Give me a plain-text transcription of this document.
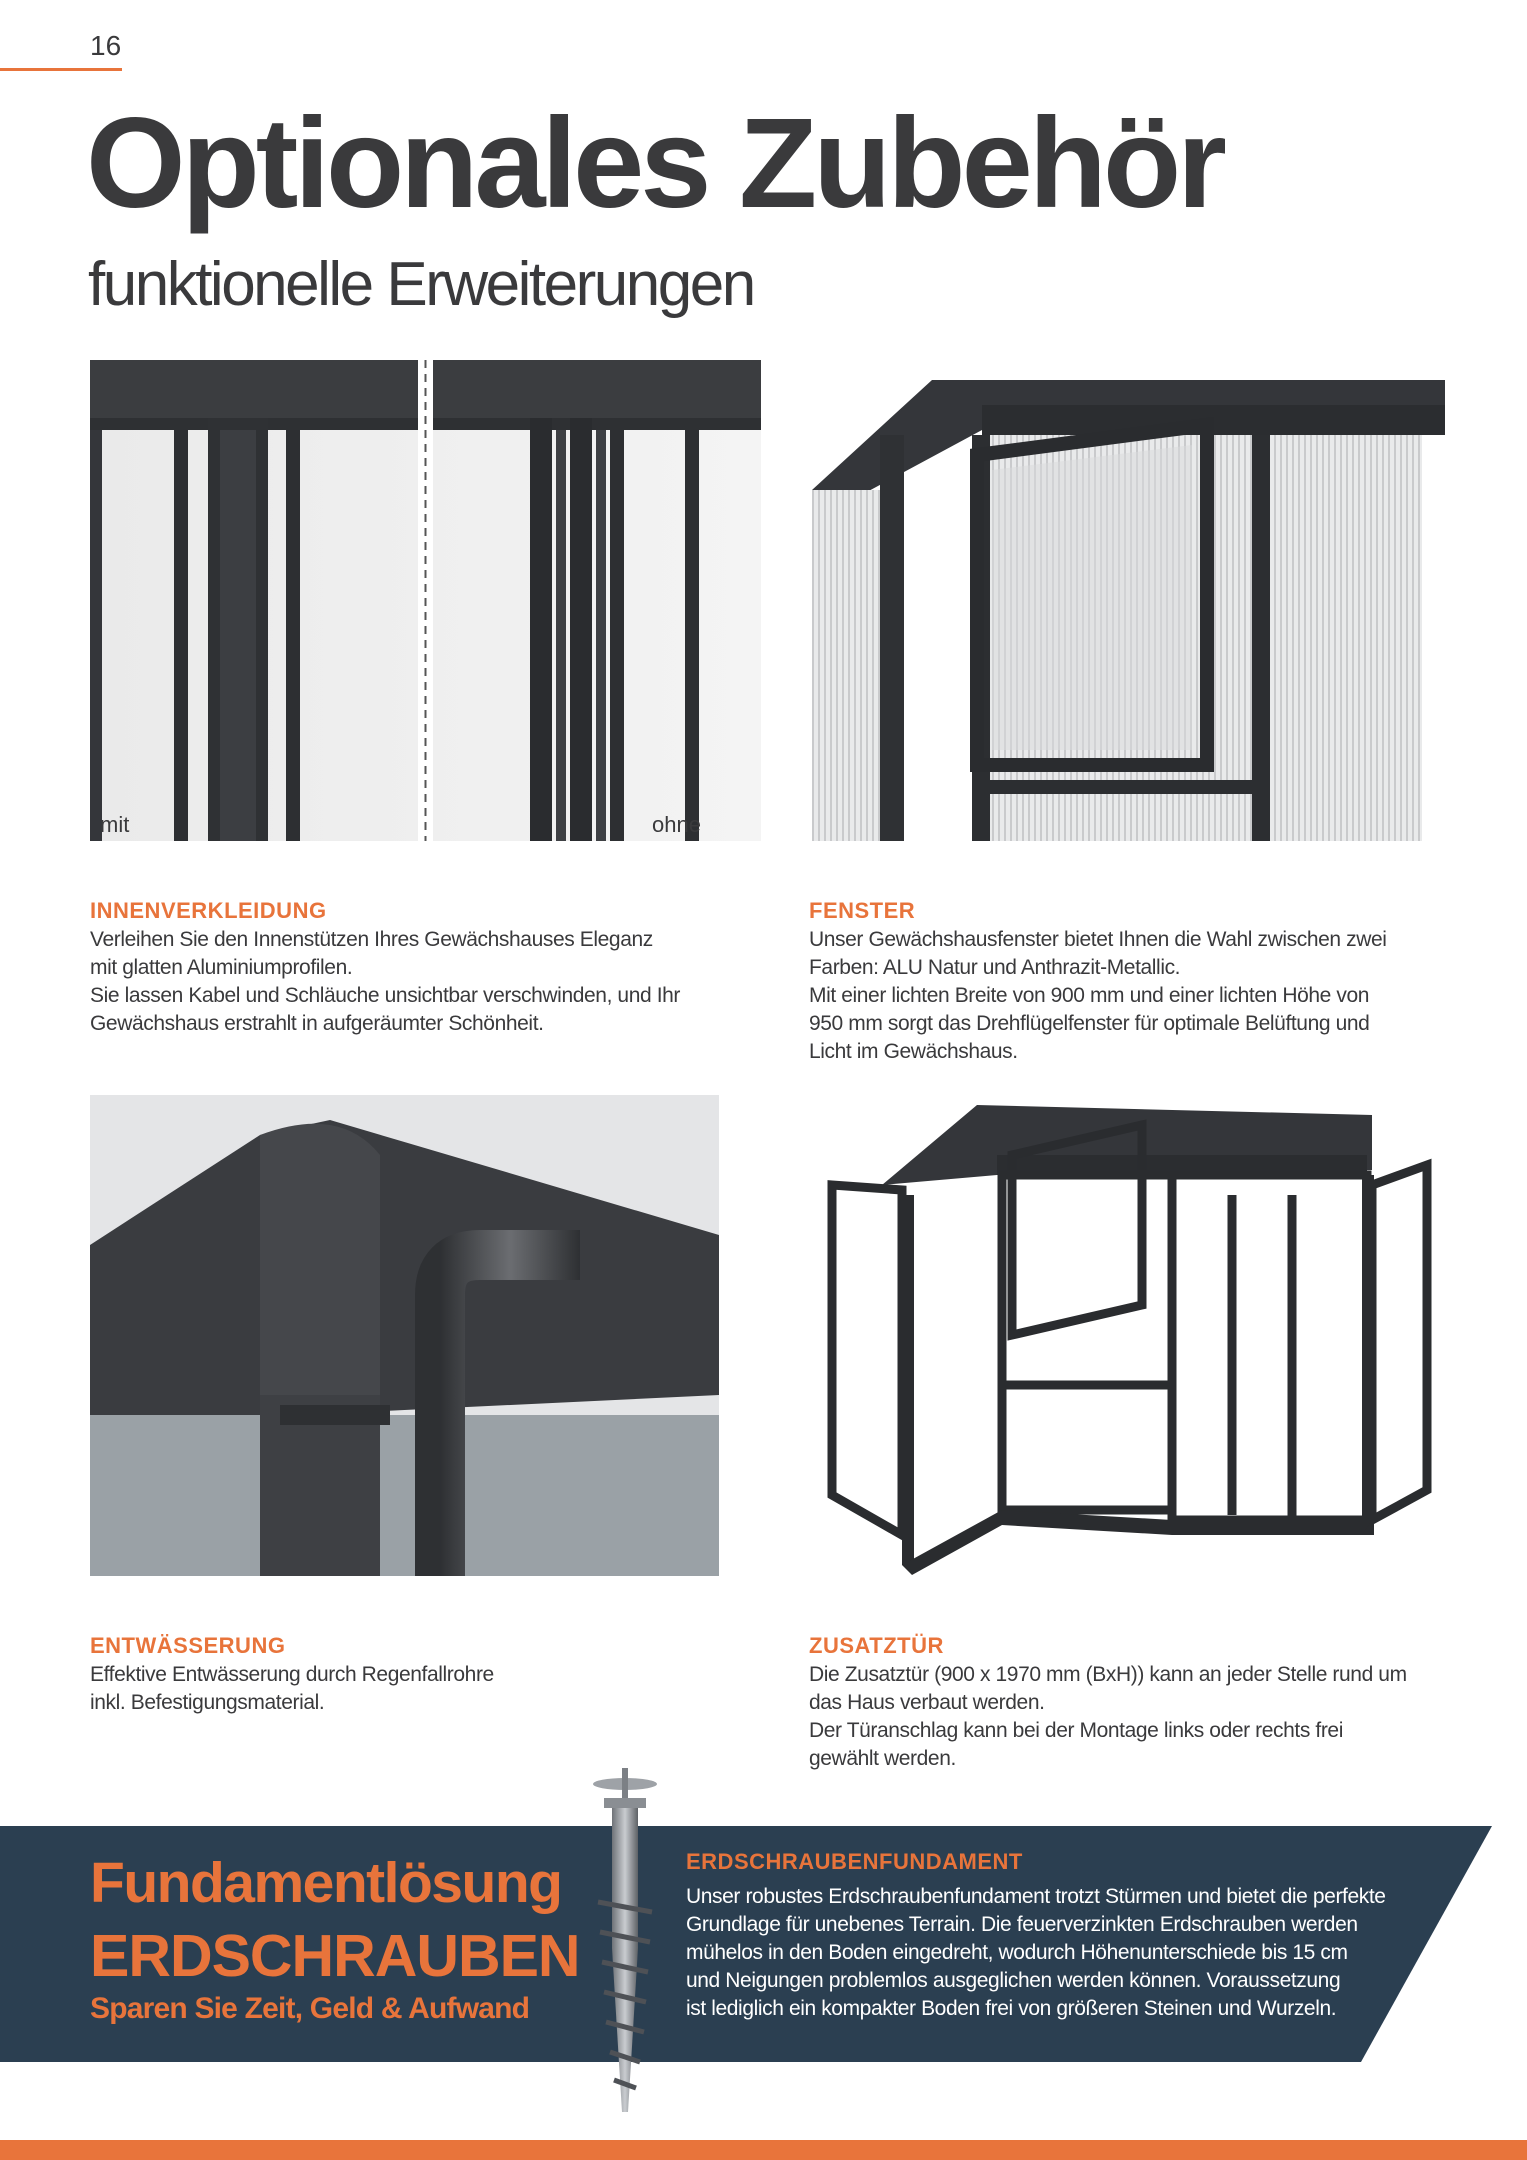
16
Optionales Zubehör
funktionelle Erweiterungen
mit	ohne
INNENVERKLEIDUNG

Verleihen Sie den Innenstützen Ihres Gewächshauses Eleganz

mit glatten Aluminiumprofilen.

Sie lassen Kabel und Schläuche unsichtbar verschwinden, und Ihr

Gewächshaus erstrahlt in aufgeräumter Schönheit.

FENSTER

Unser Gewächshausfenster bietet Ihnen die Wahl zwischen zwei

Farben: ALU Natur und Anthrazit-Metallic.

Mit einer lichten Breite von 900 mm und einer lichten Höhe von

950 mm sorgt das Drehflügelfenster für optimale Belüftung und

Licht im Gewächshaus.

ENTWÄSSERUNG

Effektive Entwässerung durch Regenfallrohre

inkl. Befestigungsmaterial.

ZUSATZTÜR

Die Zusatztür (900 x 1970 mm (BxH)) kann an jeder Stelle rund um

das Haus verbaut werden.

Der Türanschlag kann bei der Montage links oder rechts frei

gewählt werden.

Fundamentlösung
ERDSCHRAUBEN
Sparen Sie Zeit, Geld & Aufwand
ERDSCHRAUBENFUNDAMENT
Unser robustes Erdschraubenfundament trotzt Stürmen und bietet die perfekte
Grundlage für unebenes Terrain. Die feuerverzinkten Erdschrauben werden
mühelos in den Boden eingedreht, wodurch Höhenunterschiede bis 15 cm
und Neigungen problemlos ausgeglichen werden können. Voraussetzung
ist lediglich ein kompakter Boden frei von größeren Steinen und Wurzeln.
